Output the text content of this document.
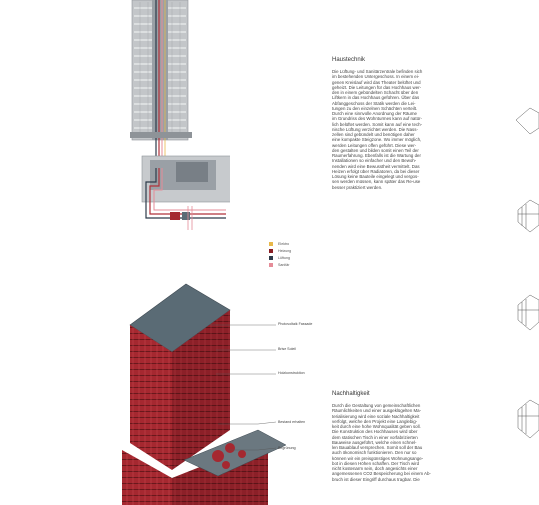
Elektro
Heizung
Lüftung
Sanitär
Haustechnik
Die Lüftung- und Sanitärzentrale befinden sich
im bestehenden Untergeschoss. In einem ei-
genen Kreislauf wird das Theater belüftet und
geheizt. Die Leitungen für das Hochhaus wer-
den in einem gebündelten Schacht über den
Liftkern in das Hochhaus geführen. Über das
Abfanggeschoss der Statik werden die Lei-
tungen zu den einzelnen Schächten verteilt.
Durch eine sinnvolle Anordnung der Räume
im Grundriss des Wohnturmes kann auf natür-
lich belüftet werden. Somit kann auf eine tech-
nische Lüftung verzichtet werden. Die Nass-
zellen sind gebündelt und benötigen daher
eine kompakte Steigzone. Wo immer möglich,
werden Leitungen offen geführt. Diese wer-
den gestalten und bilden somit einen Teil der
Raumerfahrung. Ebenfalls ist die Wartung der
Installationen so einfacher und den Bewoh-
nenden wird eine Bewusstheit vermittelt. Das
Heizen erfolgt über Radiatoren, da bei dieser
Lösung keine Bauteile eingelegt und vergos-
sen werden müssen, kann später das Re-use
besser praktiziert werden.
Photovoltaik Fassade
Brise Soleil
Holzkonstruktion
Bestand erhalten
Begrünung
Nachhaltigkeit
Durch die Gestaltung von gemeinschaftlichen
Räumlichkeiten und einer ausgeklügelten Ma-
terialisierung wird eine soziale Nachhaltigkeit
verfolgt, welche den Projekt eine Langlebig-
keit durch eine hohe Wohnqualität geben soll.
Die Konstruktion des Hochhauses wird über
dem statischen Tisch in einer vorfabrizierten
Bauweise ausgeführt, welche einen schnel-
len Bauablauf versprechen. Somit soll der Bau
auch ökonomisch funktionieren. Den nur so
können wir ein preisgünstiges Wohnungsange-
bot in diesen Höhen schaffen. Der Tisch wird
nicht kostenarm sein, doch angesichts einer
angemessenen CO2 Bespeicherung bei einem Ab-
bruch ist dieser Eingriff durchaus tragbar. Die
